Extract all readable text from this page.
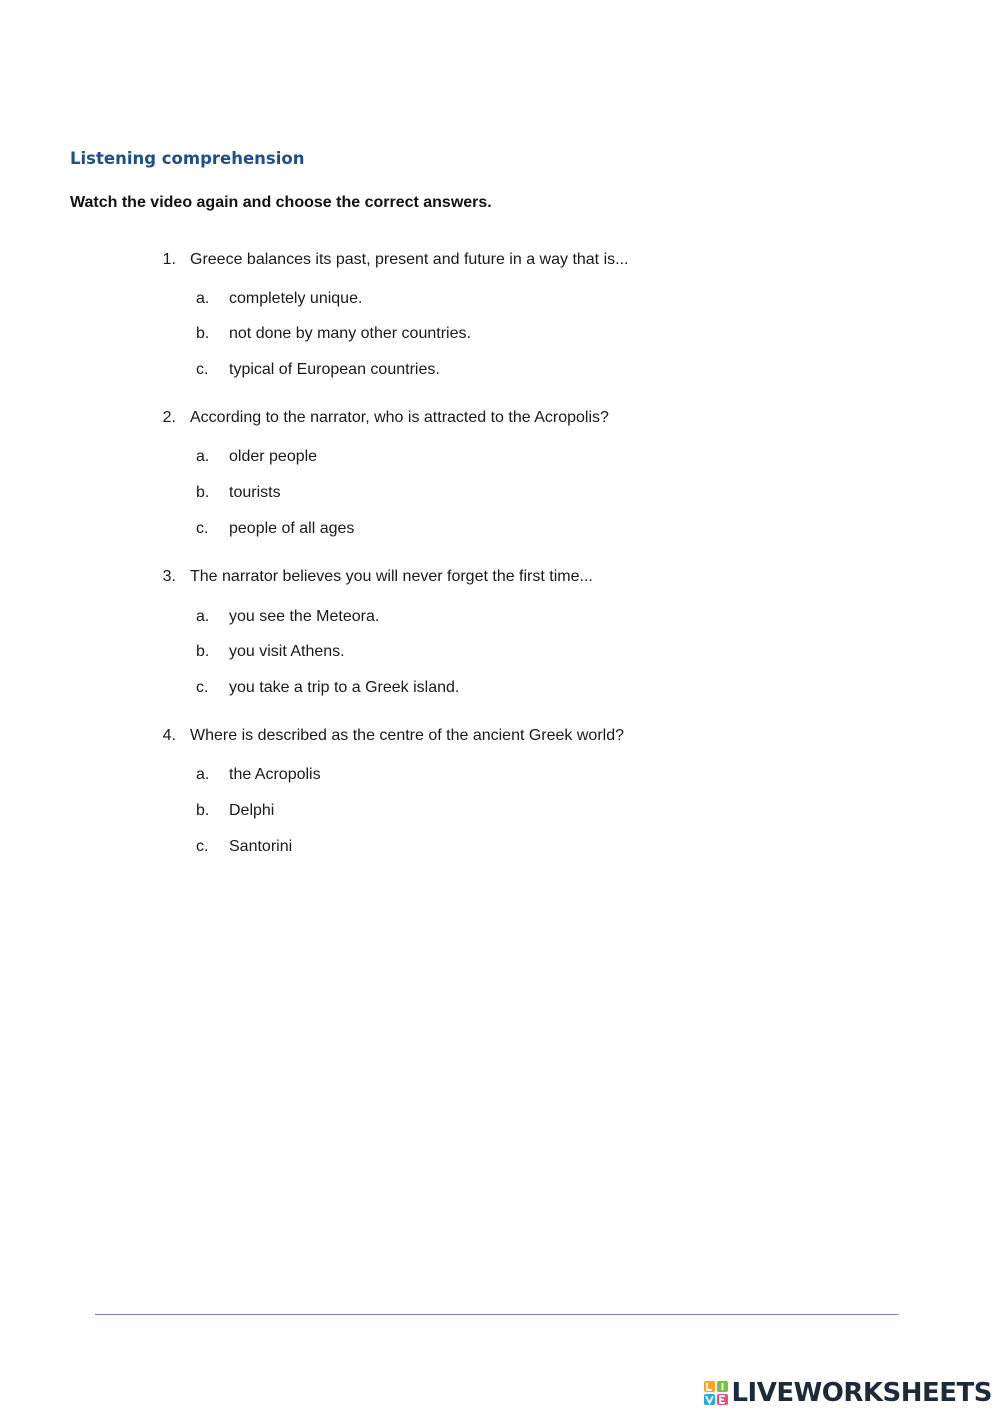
Listening comprehension
Watch the video again and choose the correct answers.
1. Greece balances its past, present and future in a way that is...
a. completely unique.
b. not done by many other countries.
c. typical of European countries.
2. According to the narrator, who is attracted to the Acropolis?
a. older people
b. tourists
c. people of all ages
3. The narrator believes you will never forget the first time...
a. you see the Meteora.
b. you visit Athens.
c. you take a trip to a Greek island.
4. Where is described as the centre of the ancient Greek world?
a. the Acropolis
b. Delphi
c. Santorini
LIVEWORKSHEETS
